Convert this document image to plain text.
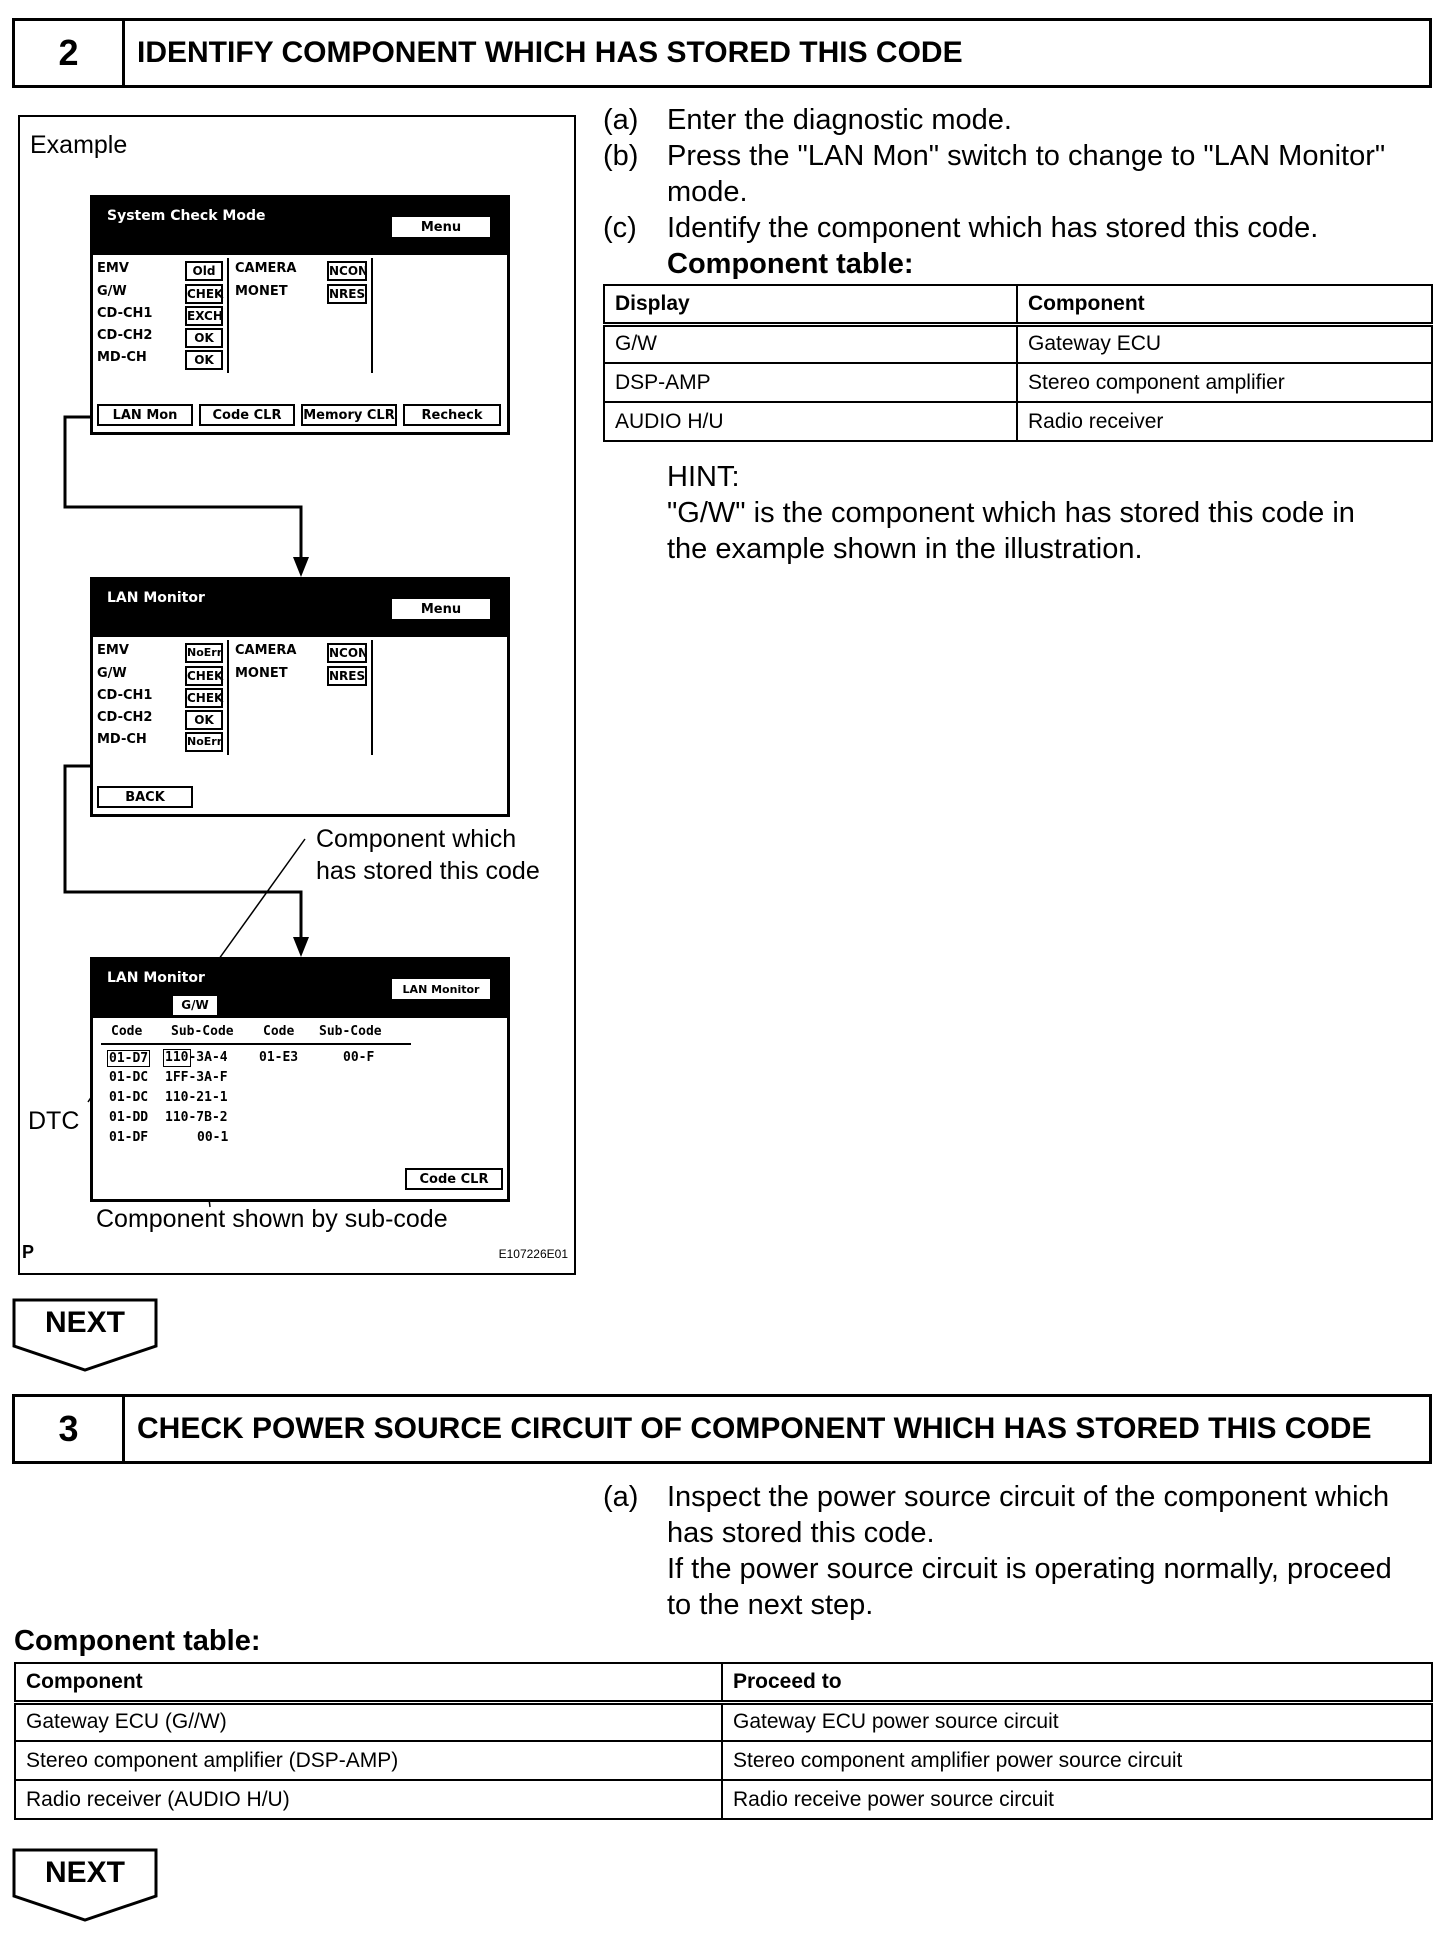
2	IDENTIFY COMPONENT WHICH HAS STORED THIS CODE
(a) Enter the diagnostic mode.
(b) Press the "LAN Mon" switch to change to "LAN Monitor"
mode.
(c) Identify the component which has stored this code.
Component table:
Display	Component
G/W	Gateway ECU
DSP-AMP	Stereo component amplifier
AUDIO H/U	Radio receiver
HINT:
"G/W" is the component which has stored this code in
the example shown in the illustration.
Example
System Check Mode
Menu
EMV	Old
G/W	CHEK
CD-CH1	EXCH
CD-CH2	OK
MD-CH	OK
CAMERA	NCON
MONET	NRES
LAN Mon	Code CLR	Memory CLR	Recheck
LAN Monitor
Menu
EMV	NoErr
G/W	CHEK
CD-CH1	CHEK
CD-CH2	OK
MD-CH	NoErr
CAMERA	NCON
MONET	NRES
BACK
Component which
has stored this code
LAN Monitor
LAN Monitor
G/W
Code Sub-Code Code Sub-Code
01-D7 110-3A-4 01-E3	00-F
01-DC 1FF-3A-F
01-DC 110-21-1
01-DD 110-7B-2
01-DF	00-1
Code CLR
DTC
Component shown by sub-code
P	E107226E01
NEXT
3	CHECK POWER SOURCE CIRCUIT OF COMPONENT WHICH HAS STORED THIS CODE
(a) Inspect the power source circuit of the component which
has stored this code.
If the power source circuit is operating normally, proceed
to the next step.
Component table:
Component	Proceed to
Gateway ECU (G//W)	Gateway ECU power source circuit
Stereo component amplifier (DSP-AMP)	Stereo component amplifier power source circuit
Radio receiver (AUDIO H/U)	Radio receive power source circuit
NEXT
